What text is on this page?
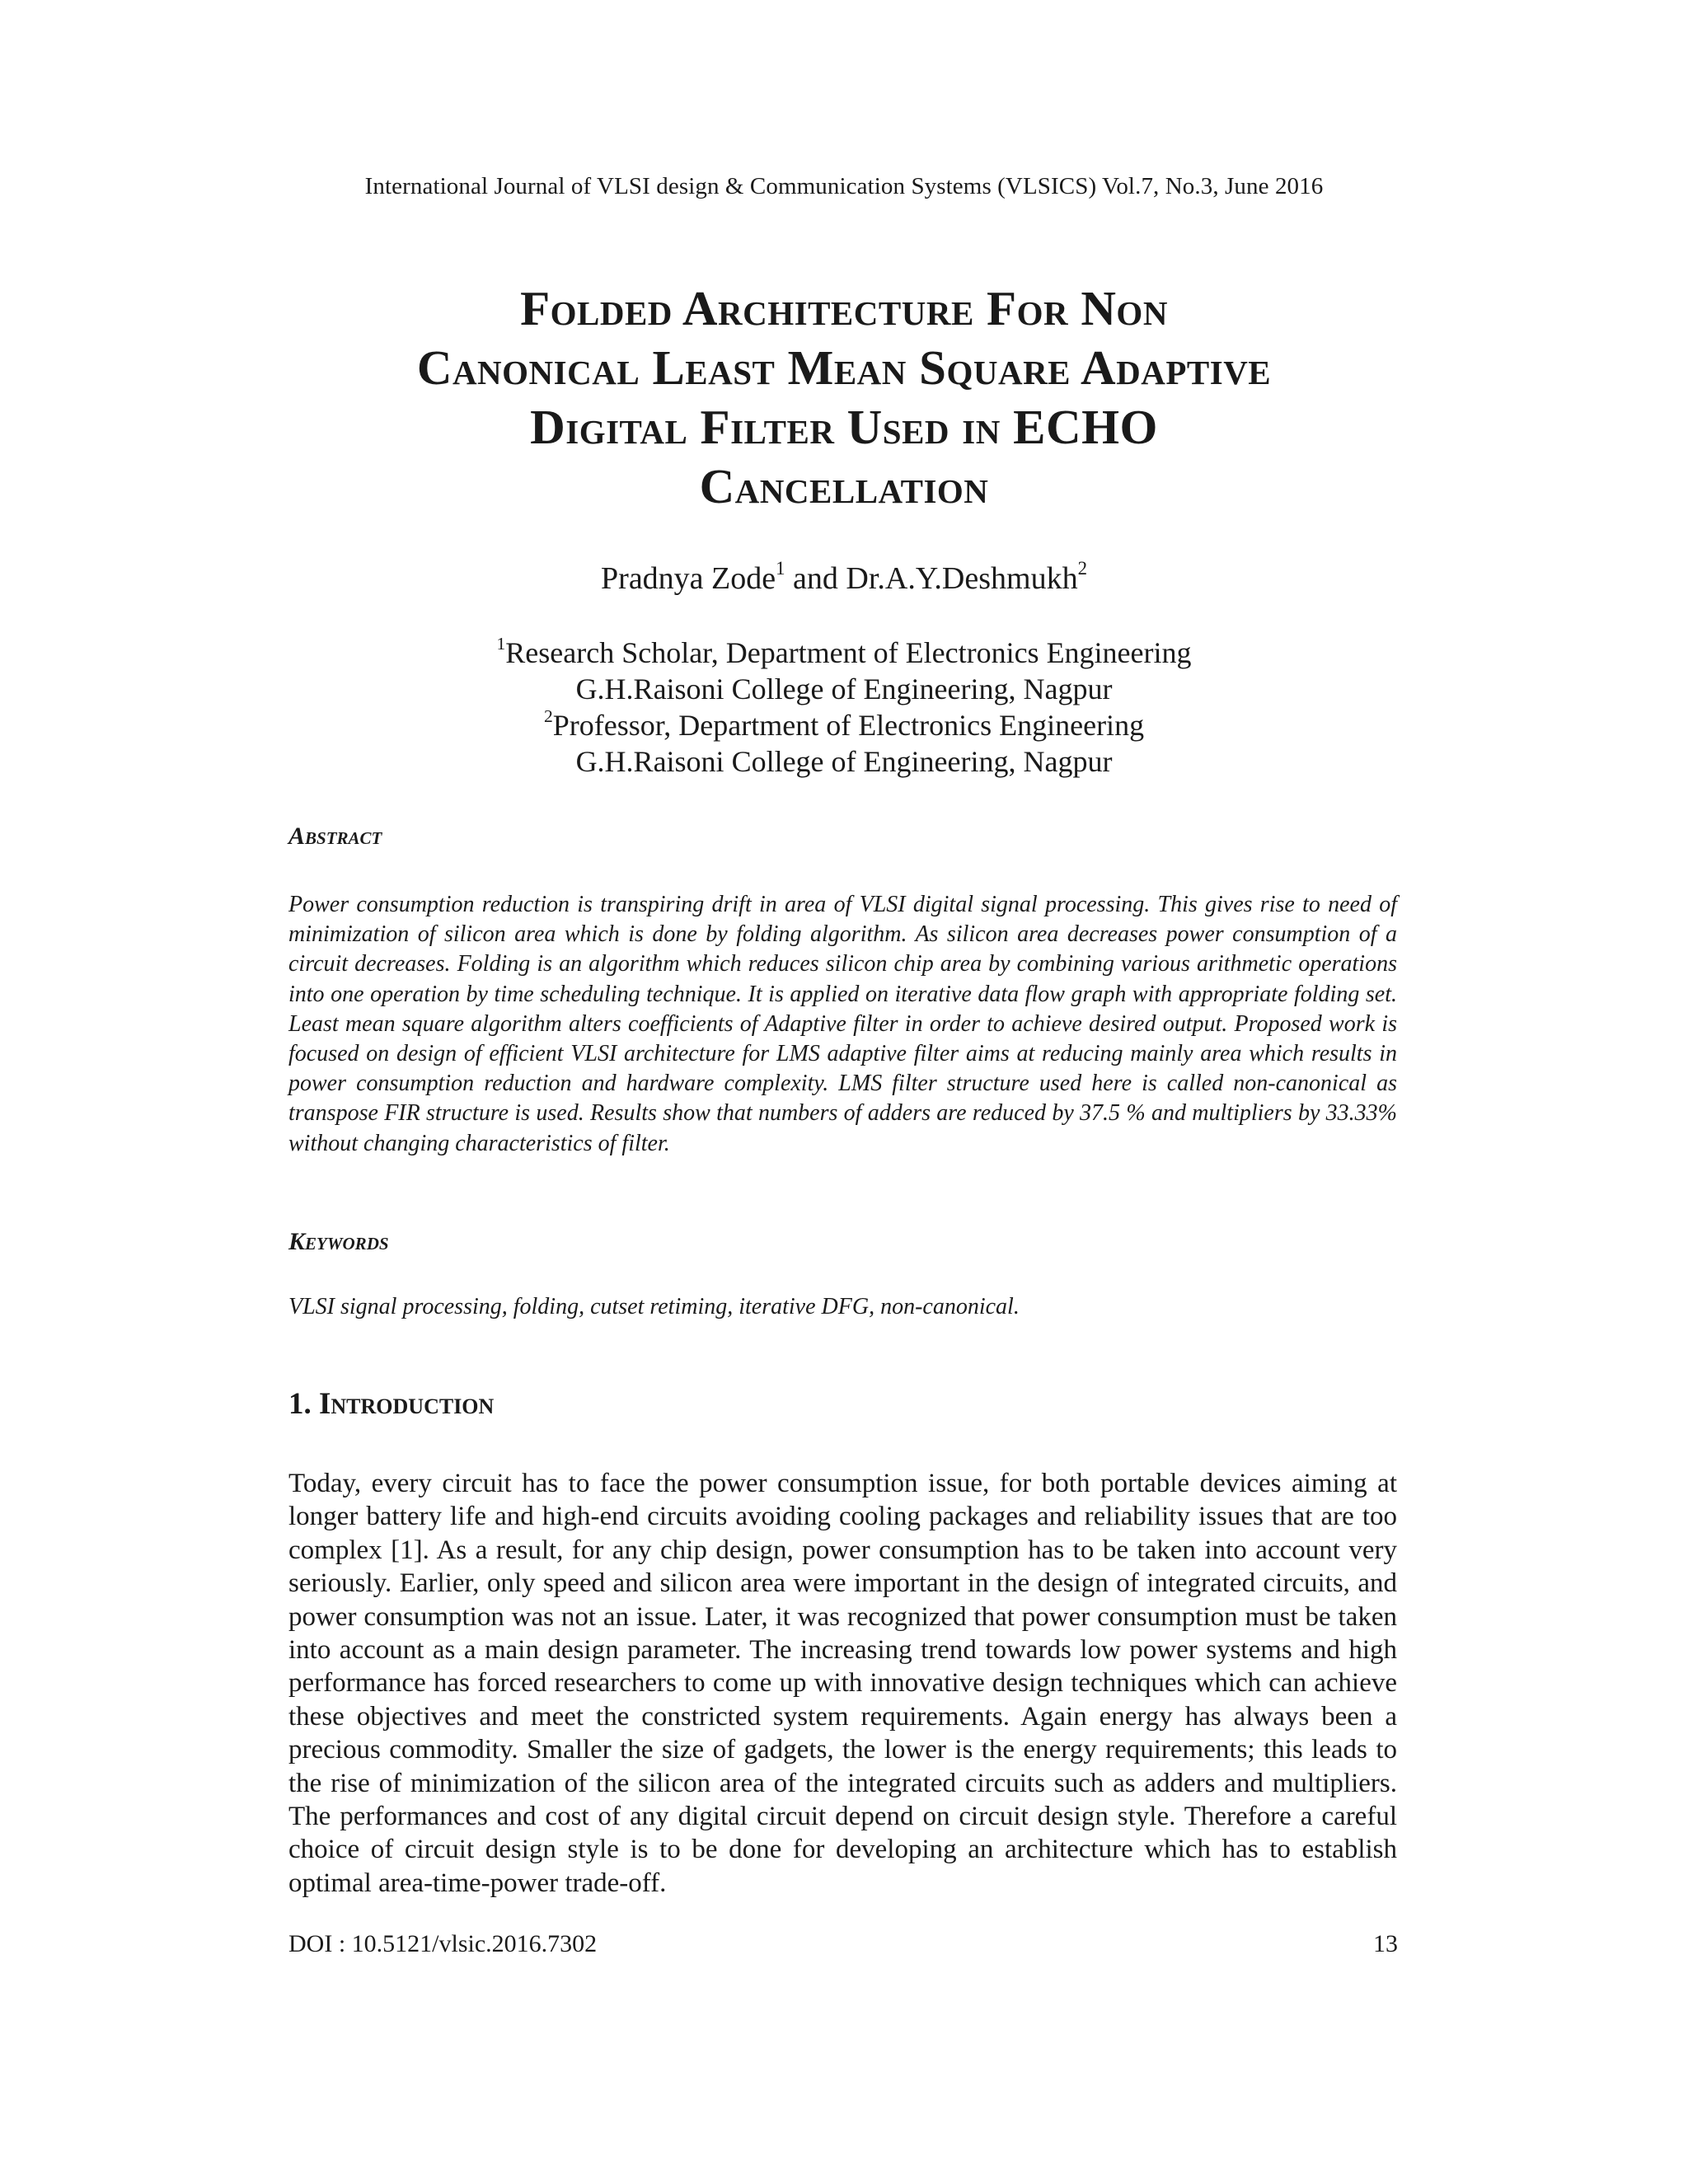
International Journal of VLSI design & Communication Systems (VLSICS) Vol.7, No.3, June 2016
Folded Architecture For Non
Canonical Least Mean Square Adaptive
Digital Filter Used in ECHO
Cancellation
Pradnya Zode$^1$ and Dr.A.Y.Deshmukh$^2$
$^1$Research Scholar, Department of Electronics Engineering
G.H.Raisoni College of Engineering, Nagpur
$^2$Professor, Department of Electronics Engineering
G.H.Raisoni College of Engineering, Nagpur
Abstract
Power consumption reduction is transpiring drift in area of VLSI digital signal processing. This gives rise to need of minimization of silicon area which is done by folding algorithm. As silicon area decreases power consumption of a circuit decreases. Folding is an algorithm which reduces silicon chip area by combining various arithmetic operations into one operation by time scheduling technique. It is applied on iterative data flow graph with appropriate folding set. Least mean square algorithm alters coefficients of Adaptive filter in order to achieve desired output. Proposed work is focused on design of efficient VLSI architecture for LMS adaptive filter aims at reducing mainly area which results in power consumption reduction and hardware complexity. LMS filter structure used here is called non-canonical as transpose FIR structure is used. Results show that numbers of adders are reduced by 37.5 % and multipliers by 33.33% without changing characteristics of filter.
Keywords
VLSI signal processing, folding, cutset retiming, iterative DFG, non-canonical.
1. Introduction
Today, every circuit has to face the power consumption issue, for both portable devices aiming at longer battery life and high-end circuits avoiding cooling packages and reliability issues that are too complex [1]. As a result, for any chip design, power consumption has to be taken into account very seriously. Earlier, only speed and silicon area were important in the design of integrated circuits, and power consumption was not an issue. Later, it was recognized that power consumption must be taken into account as a main design parameter. The increasing trend towards low power systems and high performance has forced researchers to come up with innovative design techniques which can achieve these objectives and meet the constricted system requirements. Again energy has always been a precious commodity. Smaller the size of gadgets, the lower is the energy requirements; this leads to the rise of minimization of the silicon area of the integrated circuits such as adders and multipliers. The performances and cost of any digital circuit depend on circuit design style. Therefore a careful choice of circuit design style is to be done for developing an architecture which has to establish optimal area-time-power trade-off.
DOI : 10.5121/vlsic.2016.7302	13
